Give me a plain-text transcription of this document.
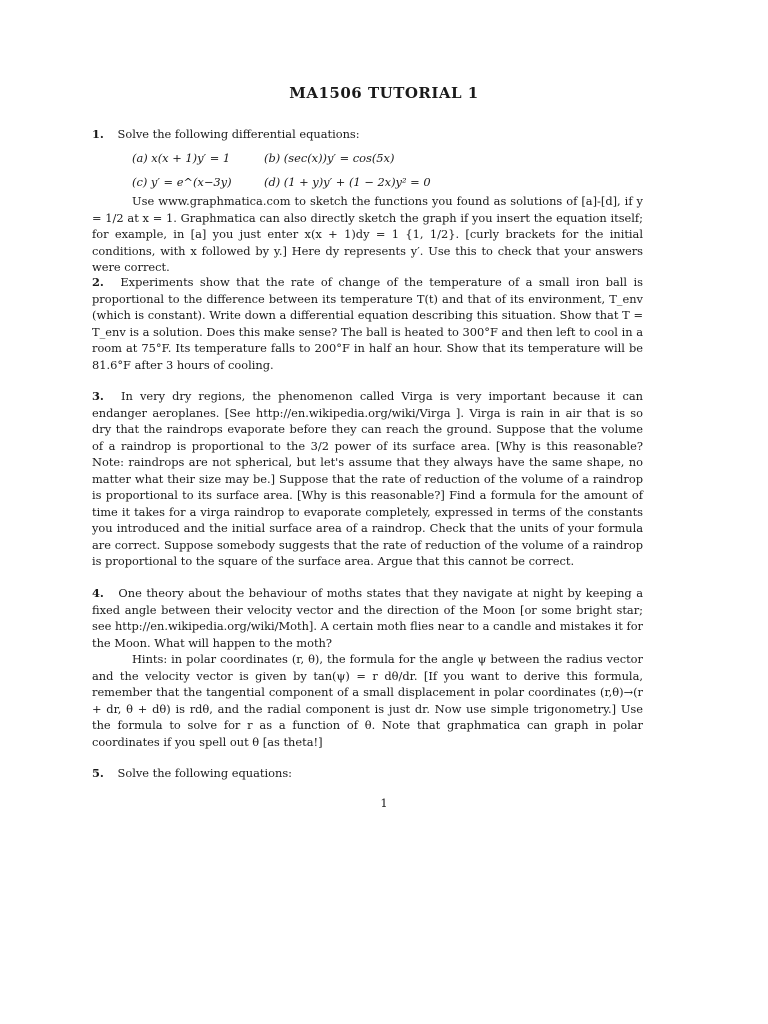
MA1506 TUTORIAL 1
1. Solve the following differential equations:
(a) x(x + 1)y′ = 1	(b) (sec(x))y′ = cos(5x)
(c) y′ = e^(x−3y)	(d) (1 + y)y′ + (1 − 2x)y² = 0
Use www.graphmatica.com to sketch the functions you found as solutions of [a]-[d], if y = 1/2 at x = 1. Graphmatica can also directly sketch the graph if you insert the equation itself; for example, in [a] you just enter x(x + 1)dy = 1 {1, 1/2}. [curly brackets for the initial conditions, with x followed by y.] Here dy represents y′. Use this to check that your answers were correct.
2. Experiments show that the rate of change of the temperature of a small iron ball is proportional to the difference between its temperature T(t) and that of its environment, T_env (which is constant). Write down a differential equation describing this situation. Show that T = T_env is a solution. Does this make sense? The ball is heated to 300°F and then left to cool in a room at 75°F. Its temperature falls to 200°F in half an hour. Show that its temperature will be 81.6°F after 3 hours of cooling.
3. In very dry regions, the phenomenon called Virga is very important because it can endanger aeroplanes. [See http://en.wikipedia.org/wiki/Virga ]. Virga is rain in air that is so dry that the raindrops evaporate before they can reach the ground. Suppose that the volume of a raindrop is proportional to the 3/2 power of its surface area. [Why is this reasonable? Note: raindrops are not spherical, but let's assume that they always have the same shape, no matter what their size may be.] Suppose that the rate of reduction of the volume of a raindrop is proportional to its surface area. [Why is this reasonable?] Find a formula for the amount of time it takes for a virga raindrop to evaporate completely, expressed in terms of the constants you introduced and the initial surface area of a raindrop. Check that the units of your formula are correct. Suppose somebody suggests that the rate of reduction of the volume of a raindrop is proportional to the square of the surface area. Argue that this cannot be correct.
4. One theory about the behaviour of moths states that they navigate at night by keeping a fixed angle between their velocity vector and the direction of the Moon [or some bright star; see http://en.wikipedia.org/wiki/Moth]. A certain moth flies near to a candle and mistakes it for the Moon. What will happen to the moth?
Hints: in polar coordinates (r, θ), the formula for the angle ψ between the radius vector and the velocity vector is given by tan(ψ) = r dθ/dr. [If you want to derive this formula, remember that the tangential component of a small displacement in polar coordinates (r,θ)→(r + dr, θ + dθ) is rdθ, and the radial component is just dr. Now use simple trigonometry.] Use the formula to solve for r as a function of θ. Note that graphmatica can graph in polar coordinates if you spell out θ [as theta!]
5. Solve the following equations:
1
